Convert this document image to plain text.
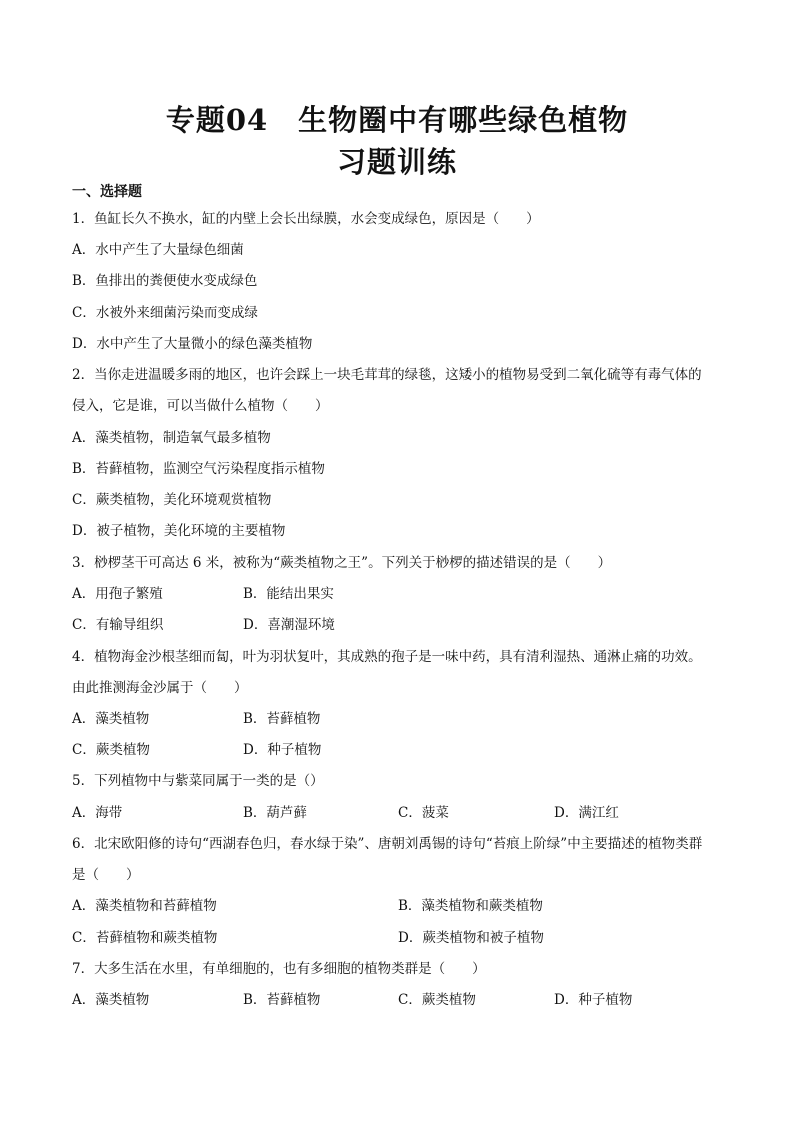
专题04　生物圈中有哪些绿色植物
习题训练
一、选择题
1．鱼缸长久不换水，缸的内壁上会长出绿膜，水会变成绿色，原因是（　　）
A．水中产生了大量绿色细菌
B．鱼排出的粪便使水变成绿色
C．水被外来细菌污染而变成绿
D．水中产生了大量微小的绿色藻类植物
2．当你走进温暖多雨的地区，也许会踩上一块毛茸茸的绿毯，这矮小的植物易受到二氧化硫等有毒气体的
侵入，它是谁，可以当做什么植物（　　）
A．藻类植物，制造氧气最多植物
B．苔藓植物，监测空气污染程度指示植物
C．蕨类植物，美化环境观赏植物
D．被子植物，美化环境的主要植物
3．桫椤茎干可高达 6 米，被称为“蕨类植物之王”。下列关于桫椤的描述错误的是（　　）
A．用孢子繁殖	B．能结出果实
C．有输导组织	D．喜潮湿环境
4．植物海金沙根茎细而匐，叶为羽状复叶，其成熟的孢子是一味中药，具有清利湿热、通淋止痛的功效。
由此推测海金沙属于（　　）
A．藻类植物	B．苔藓植物
C．蕨类植物	D．种子植物
5．下列植物中与紫菜同属于一类的是（）
A．海带	B．葫芦藓	C．菠菜	D．满江红
6．北宋欧阳修的诗句“西湖春色归，春水绿于染”、唐朝刘禹锡的诗句“苔痕上阶绿”中主要描述的植物类群
是（　　）
A．藻类植物和苔藓植物	B．藻类植物和蕨类植物
C．苔藓植物和蕨类植物	D．蕨类植物和被子植物
7．大多生活在水里，有单细胞的，也有多细胞的植物类群是（　　）
A．藻类植物	B．苔藓植物	C．蕨类植物	D．种子植物
